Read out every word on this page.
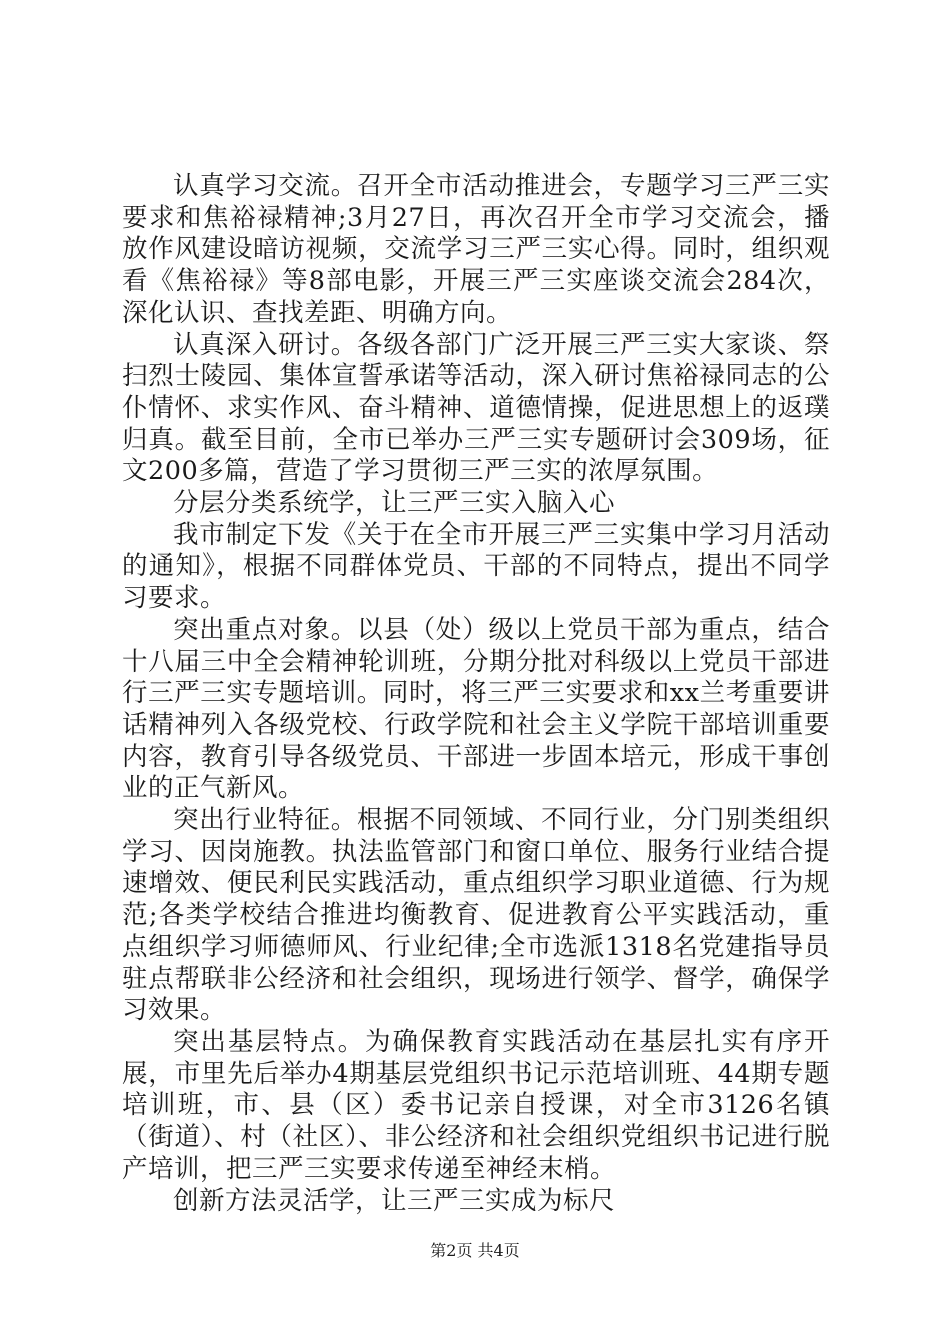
认真学习交流。召开全市活动推进会，专题学习三严三实要求和焦裕禄精神;3月27日，再次召开全市学习交流会，播放作风建设暗访视频，交流学习三严三实心得。同时，组织观看《焦裕禄》等8部电影，开展三严三实座谈交流会284次，深化认识、查找差距、明确方向。

认真深入研讨。各级各部门广泛开展三严三实大家谈、祭扫烈士陵园、集体宣誓承诺等活动，深入研讨焦裕禄同志的公仆情怀、求实作风、奋斗精神、道德情操，促进思想上的返璞归真。截至目前，全市已举办三严三实专题研讨会309场，征文200多篇，营造了学习贯彻三严三实的浓厚氛围。

分层分类系统学，让三严三实入脑入心

我市制定下发《关于在全市开展三严三实集中学习月活动的通知》，根据不同群体党员、干部的不同特点，提出不同学习要求。

突出重点对象。以县（处）级以上党员干部为重点，结合十八届三中全会精神轮训班，分期分批对科级以上党员干部进行三严三实专题培训。同时，将三严三实要求和xx兰考重要讲话精神列入各级党校、行政学院和社会主义学院干部培训重要内容，教育引导各级党员、干部进一步固本培元，形成干事创业的正气新风。

突出行业特征。根据不同领域、不同行业，分门别类组织学习、因岗施教。执法监管部门和窗口单位、服务行业结合提速增效、便民利民实践活动，重点组织学习职业道德、行为规范;各类学校结合推进均衡教育、促进教育公平实践活动，重点组织学习师德师风、行业纪律;全市选派1318名党建指导员驻点帮联非公经济和社会组织，现场进行领学、督学，确保学习效果。

突出基层特点。为确保教育实践活动在基层扎实有序开展，市里先后举办4期基层党组织书记示范培训班、44期专题培训班，市、县（区）委书记亲自授课，对全市3126名镇（街道）、村（社区）、非公经济和社会组织党组织书记进行脱产培训，把三严三实要求传递至神经末梢。

创新方法灵活学，让三严三实成为标尺

第2页 共4页
